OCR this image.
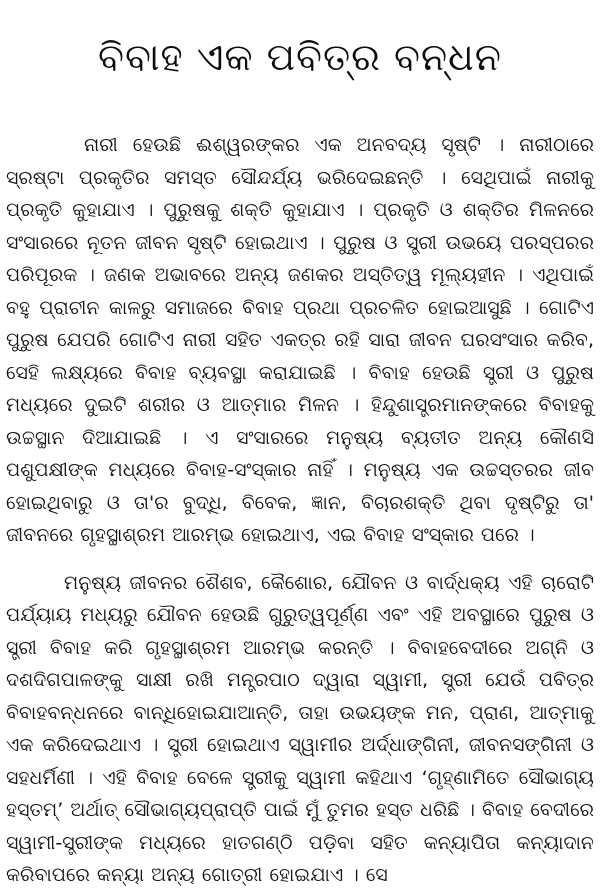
ବିବାହ ଏକ ପବିତ୍ର ବନ୍ଧନ

ନାରୀ ହେଉଛି ଈଶ୍ୱରଙ୍କର ଏକ ଅନବଦ୍ୟ ସୃଷ୍ଟି । ନାରୀଠାରେ ସ୍ରଷ୍ଟା ପ୍ରକୃତିର ସମସ୍ତ ସୌନ୍ଦର୍ଯ୍ୟ ଭରିଦେଇଛନ୍ତି । ସେଥିପାଇଁ ନାରୀକୁ ପ୍ରକୃତି କୁହାଯାଏ । ପୁରୁଷକୁ ଶକ୍ତି କୁହାଯାଏ । ପ୍ରକୃତି ଓ ଶକ୍ତିର ମିଳନରେ ସଂସାରରେ ନୂତନ ଜୀବନ ସୃଷ୍ଟି ହୋଇଥାଏ । ପୁରୁଷ ଓ ସ୍ତ୍ରୀ ଉଭୟେ ପରସ୍ପରର ପରିପୂରକ । ଜଣକ ଅଭାବରେ ଅନ୍ୟ ଜଣକର ଅସ୍ତିତ୍ୱ ମୂଲ୍ୟହୀନ । ଏଥିପାଇଁ ବହୁ ପ୍ରାଚୀନ କାଳରୁ ସମାଜରେ ବିବାହ ପ୍ରଥା ପ୍ରଚଳିତ ହୋଇଆସୁଛି । ଗୋଟିଏ ପୁରୁଷ ଯେପରି ଗୋଟିଏ ନାରୀ ସହିତ ଏକତ୍ର ରହି ସାରା ଜୀବନ ଘରସଂସାର କରିବ, ସେହି ଲକ୍ଷ୍ୟରେ ବିବାହ ବ୍ୟବସ୍ଥା କରାଯାଇଛି । ବିବାହ ହେଉଛି ସ୍ତ୍ରୀ ଓ ପୁରୁଷ ମଧ୍ୟରେ ଦୁଇଟି ଶରୀର ଓ ଆତ୍ମାର ମିଳନ । ହିନ୍ଦୁଶାସ୍ତ୍ରମାନଙ୍କରେ ବିବାହକୁ ଉଚ୍ଚସ୍ଥାନ ଦିଆଯାଇଛି । ଏ ସଂସାରରେ ମନୁଷ୍ୟ ବ୍ୟତୀତ ଅନ୍ୟ କୌଣସି ପଶୁପକ୍ଷୀଙ୍କ ମଧ୍ୟରେ ବିବାହ-ସଂସ୍କାର ନାହିଁ । ମନୁଷ୍ୟ ଏକ ଉଚ୍ଚସ୍ତରର ଜୀବ ହୋଇଥିବାରୁ ଓ ତା'ର ବୁଦ୍ଧି, ବିବେକ, ଜ୍ଞାନ, ବିଚାରଶକ୍ତି ଥିବା ଦୃଷ୍ଟିରୁ ତା' ଜୀବନରେ ଗୃହସ୍ଥାଶ୍ରମ ଆରମ୍ଭ ହୋଇଥାଏ, ଏଇ ବିବାହ ସଂସ୍କାର ପରେ ।

ମନୁଷ୍ୟ ଜୀବନର ଶୈଶବ, କୈଶୋର, ଯୌବନ ଓ ବାର୍ଦ୍ଧକ୍ୟ ଏହି ଚାରୋଟି ପର୍ଯ୍ୟାୟ ମଧ୍ୟରୁ ଯୌବନ ହେଉଛି ଗୁରୁତ୍ୱପୂର୍ଣ୍ଣ ଏବଂ ଏହି ଅବସ୍ଥାରେ ପୁରୁଷ ଓ ସ୍ତ୍ରୀ ବିବାହ କରି ଗୃହସ୍ଥାଶ୍ରମ ଆରମ୍ଭ କରନ୍ତି । ବିବାହବେଦୀରେ ଅଗ୍ନି ଓ ଦଶଦିଗପାଳଙ୍କୁ ସାକ୍ଷୀ ରଖି ମନ୍ତ୍ରପାଠ ଦ୍ୱାରା ସ୍ୱାମୀ, ସ୍ତ୍ରୀ ଯେଉଁ ପବିତ୍ର ବିବାହବନ୍ଧନରେ ବାନ୍ଧିହୋଇଯାଆନ୍ତି, ତାହା ଉଭୟଙ୍କ ମନ, ପ୍ରାଣ, ଆତ୍ମାକୁ ଏକ କରିଦେଇଥାଏ । ସ୍ତ୍ରୀ ହୋଇଥାଏ ସ୍ୱାମୀର ଅର୍ଦ୍ଧାଙ୍ଗିନୀ, ଜୀବନସଙ୍ଗିନୀ ଓ ସହଧର୍ମିଣୀ । ଏହି ବିବାହ ବେଳେ ସ୍ତ୍ରୀକୁ ସ୍ୱାମୀ କହିଥାଏ ‘ଗୃହ୍ଣାମିତେ ସୌଭାଗ୍ୟ ହସ୍ତମ୍’ ଅର୍ଥାତ୍ ସୌଭାଗ୍ୟପ୍ରାପ୍ତି ପାଇଁ ମୁଁ ତୁମର ହସ୍ତ ଧରିଛି । ବିବାହ ବେଦୀରେ ସ୍ୱାମୀ-ସ୍ତ୍ରୀଙ୍କ ମଧ୍ୟରେ ହାତଗଣ୍ଠି ପଡ଼ିବା ସହିତ କନ୍ୟାପିତା କନ୍ୟାଦାନ କରିବାପରେ କନ୍ୟା ଅନ୍ୟ ଗୋତ୍ରୀ ହୋଇଯାଏ । ସେ
